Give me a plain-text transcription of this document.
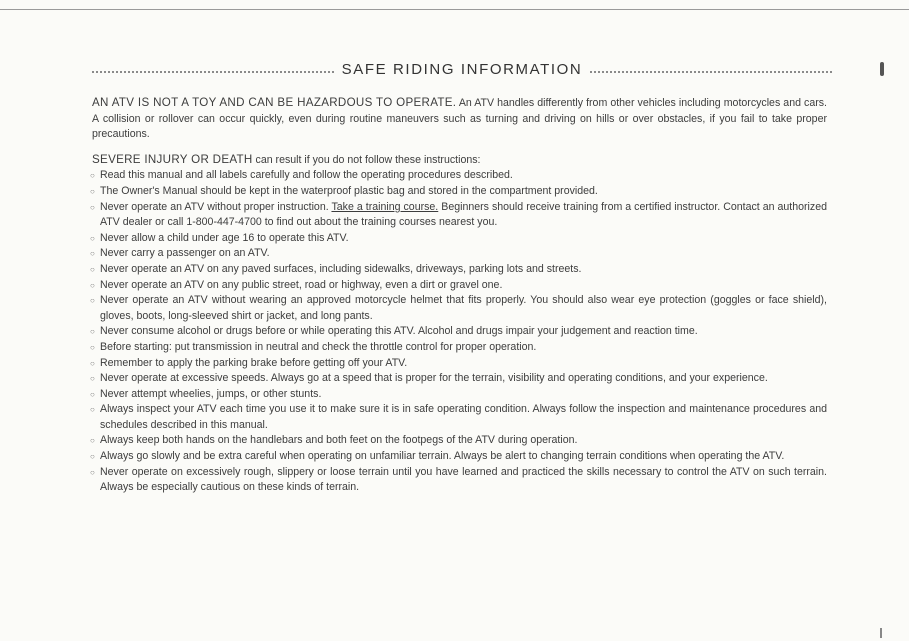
SAFE RIDING INFORMATION

AN ATV IS NOT A TOY AND CAN BE HAZARDOUS TO OPERATE. An ATV handles differently from other vehicles including motorcycles and cars. A collision or rollover can occur quickly, even during routine maneuvers such as turning and driving on hills or over obstacles, if you fail to take proper precautions.

SEVERE INJURY OR DEATH can result if you do not follow these instructions:

○ Read this manual and all labels carefully and follow the operating procedures described.
○ The Owner's Manual should be kept in the waterproof plastic bag and stored in the compartment provided.
○ Never operate an ATV without proper instruction. Take a training course. Beginners should receive training from a certified instructor. Contact an authorized ATV dealer or call 1-800-447-4700 to find out about the training courses nearest you.
○ Never allow a child under age 16 to operate this ATV.
○ Never carry a passenger on an ATV.
○ Never operate an ATV on any paved surfaces, including sidewalks, driveways, parking lots and streets.
○ Never operate an ATV on any public street, road or highway, even a dirt or gravel one.
○ Never operate an ATV without wearing an approved motorcycle helmet that fits properly. You should also wear eye protection (goggles or face shield), gloves, boots, long-sleeved shirt or jacket, and long pants.
○ Never consume alcohol or drugs before or while operating this ATV. Alcohol and drugs impair your judgement and reaction time.
○ Before starting: put transmission in neutral and check the throttle control for proper operation.
○ Remember to apply the parking brake before getting off your ATV.
○ Never operate at excessive speeds. Always go at a speed that is proper for the terrain, visibility and operating conditions, and your experience.
○ Never attempt wheelies, jumps, or other stunts.
○ Always inspect your ATV each time you use it to make sure it is in safe operating condition. Always follow the inspection and maintenance procedures and schedules described in this manual.
○ Always keep both hands on the handlebars and both feet on the footpegs of the ATV during operation.
○ Always go slowly and be extra careful when operating on unfamiliar terrain. Always be alert to changing terrain conditions when operating the ATV.
○ Never operate on excessively rough, slippery or loose terrain until you have learned and practiced the skills necessary to control the ATV on such terrain. Always be especially cautious on these kinds of terrain.
